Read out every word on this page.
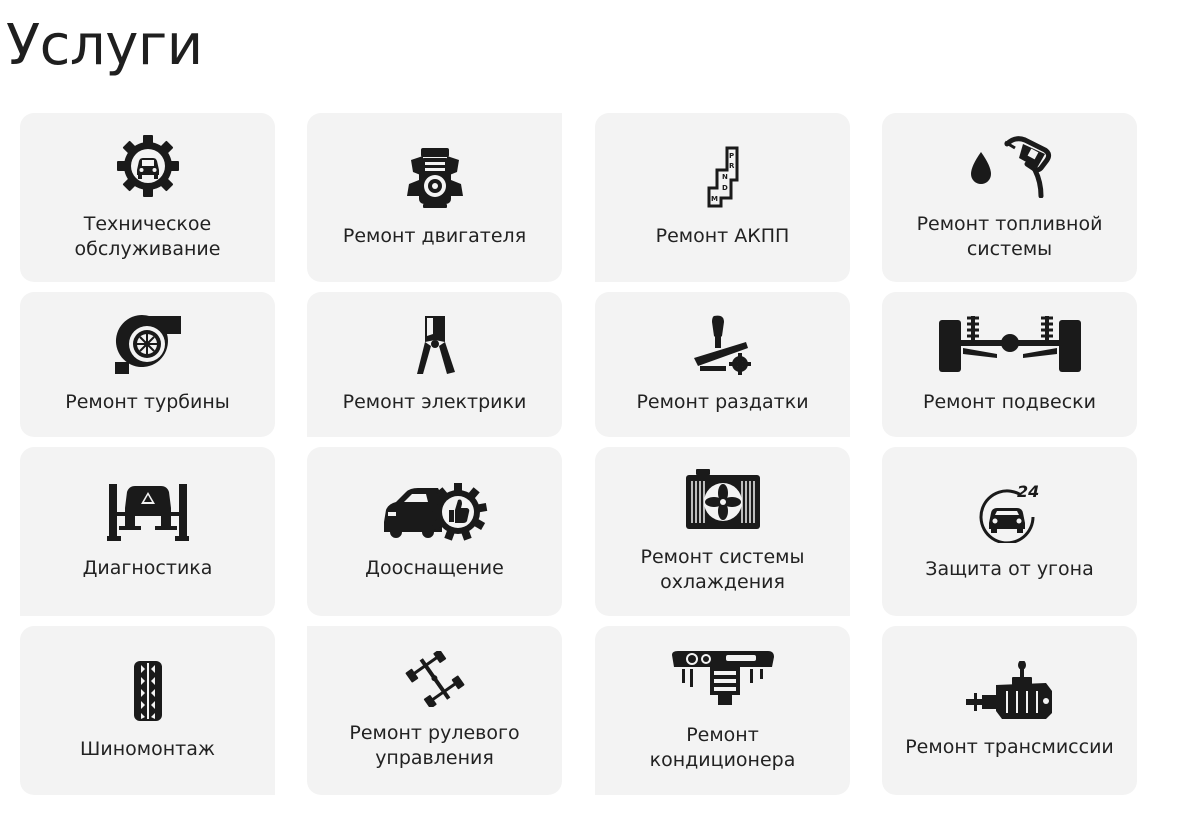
Услуги
Техническое
обслуживание
Ремонт двигателя
P
R
N
D
M
Ремонт АКПП
Ремонт топливной
системы
Ремонт турбины	Ремонт электрики	Ремонт раздатки	Ремонт подвески
Диагностика	Дооснащение
Ремонт системы
охлаждения
24
Защита от угона
Шиномонтаж
Ремонт рулевого
управления
Ремонт
кондиционера
Ремонт трансмиссии
